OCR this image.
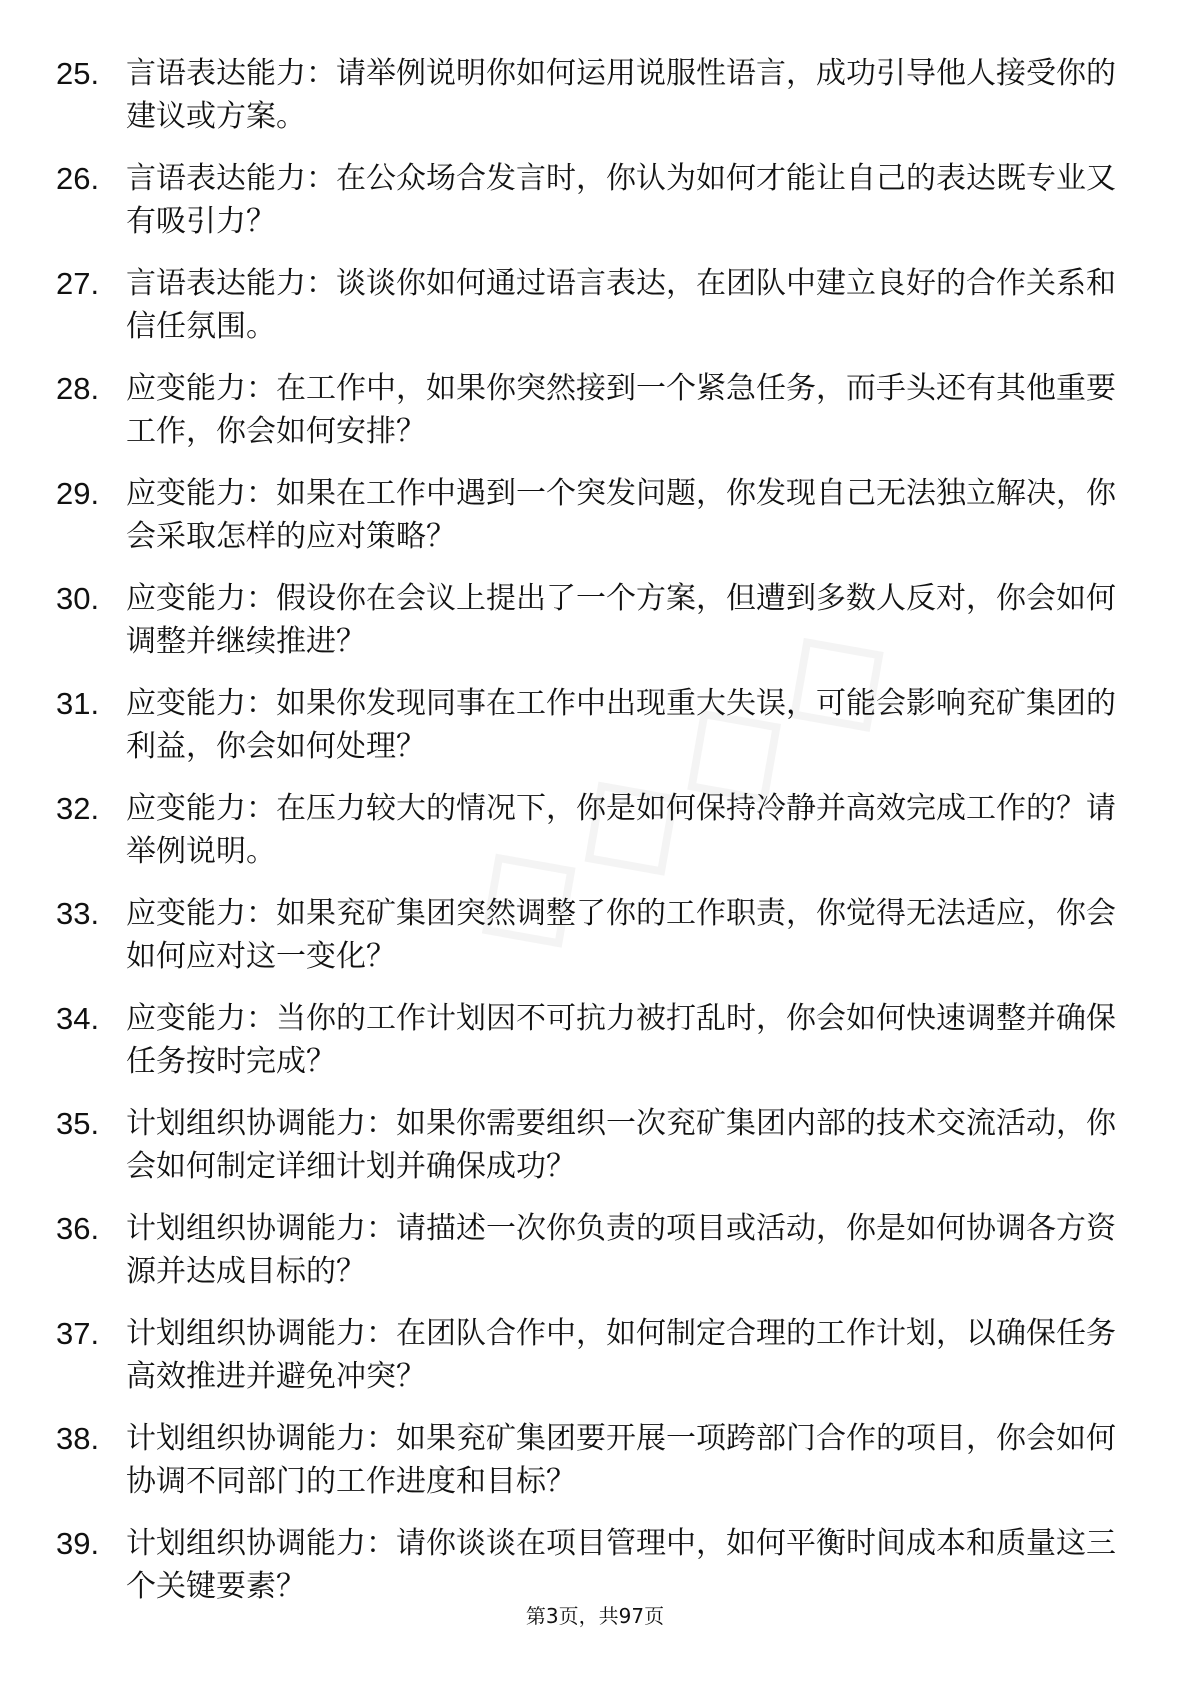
25. 言语表达能力：请举例说明你如何运用说服性语言，成功引导他人接受你的建议或方案。
26. 言语表达能力：在公众场合发言时，你认为如何才能让自己的表达既专业又有吸引力？
27. 言语表达能力：谈谈你如何通过语言表达，在团队中建立良好的合作关系和信任氛围。
28. 应变能力：在工作中，如果你突然接到一个紧急任务，而手头还有其他重要工作，你会如何安排？
29. 应变能力：如果在工作中遇到一个突发问题，你发现自己无法独立解决，你会采取怎样的应对策略？
30. 应变能力：假设你在会议上提出了一个方案，但遭到多数人反对，你会如何调整并继续推进？
31. 应变能力：如果你发现同事在工作中出现重大失误，可能会影响兖矿集团的利益，你会如何处理？
32. 应变能力：在压力较大的情况下，你是如何保持冷静并高效完成工作的？请举例说明。
33. 应变能力：如果兖矿集团突然调整了你的工作职责，你觉得无法适应，你会如何应对这一变化？
34. 应变能力：当你的工作计划因不可抗力被打乱时，你会如何快速调整并确保任务按时完成？
35. 计划组织协调能力：如果你需要组织一次兖矿集团内部的技术交流活动，你会如何制定详细计划并确保成功？
36. 计划组织协调能力：请描述一次你负责的项目或活动，你是如何协调各方资源并达成目标的？
37. 计划组织协调能力：在团队合作中，如何制定合理的工作计划，以确保任务高效推进并避免冲突？
38. 计划组织协调能力：如果兖矿集团要开展一项跨部门合作的项目，你会如何协调不同部门的工作进度和目标？
39. 计划组织协调能力：请你谈谈在项目管理中，如何平衡时间成本和质量这三个关键要素？
第3页，共97页
